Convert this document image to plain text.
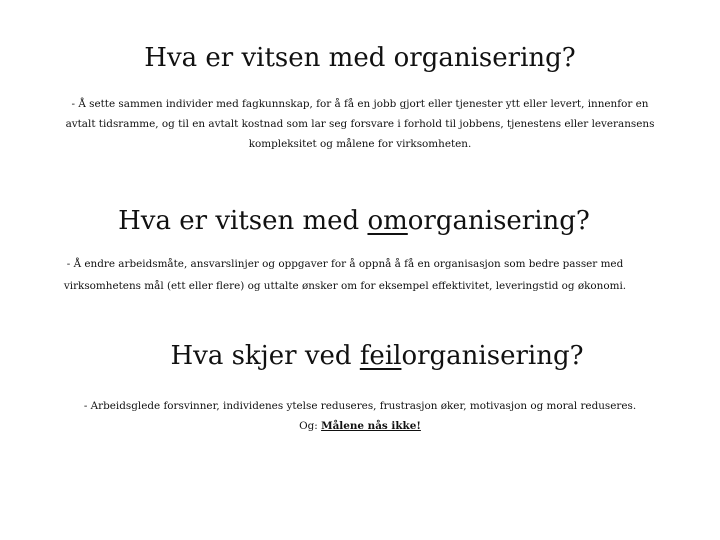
Hva er vitsen med organisering?

- Å sette sammen individer med fagkunnskap, for å få en jobb gjort eller tjenester ytt eller levert, innenfor en avtalt tidsramme, og til en avtalt kostnad som lar seg forsvare i forhold til jobbens, tjenestens eller leveransens kompleksitet og målene for virksomheten.

Hva er vitsen med omorganisering?

- Å endre arbeidsmåte, ansvarslinjer og oppgaver for å oppnå å få en organisasjon som bedre passer med virksomhetens mål (ett eller flere) og uttalte ønsker om for eksempel effektivitet, leveringstid og økonomi.

Hva skjer ved feilorganisering?

- Arbeidsglede forsvinner, individenes ytelse reduseres, frustrasjon øker, motivasjon og moral reduseres.

Og: Målene nås ikke!
